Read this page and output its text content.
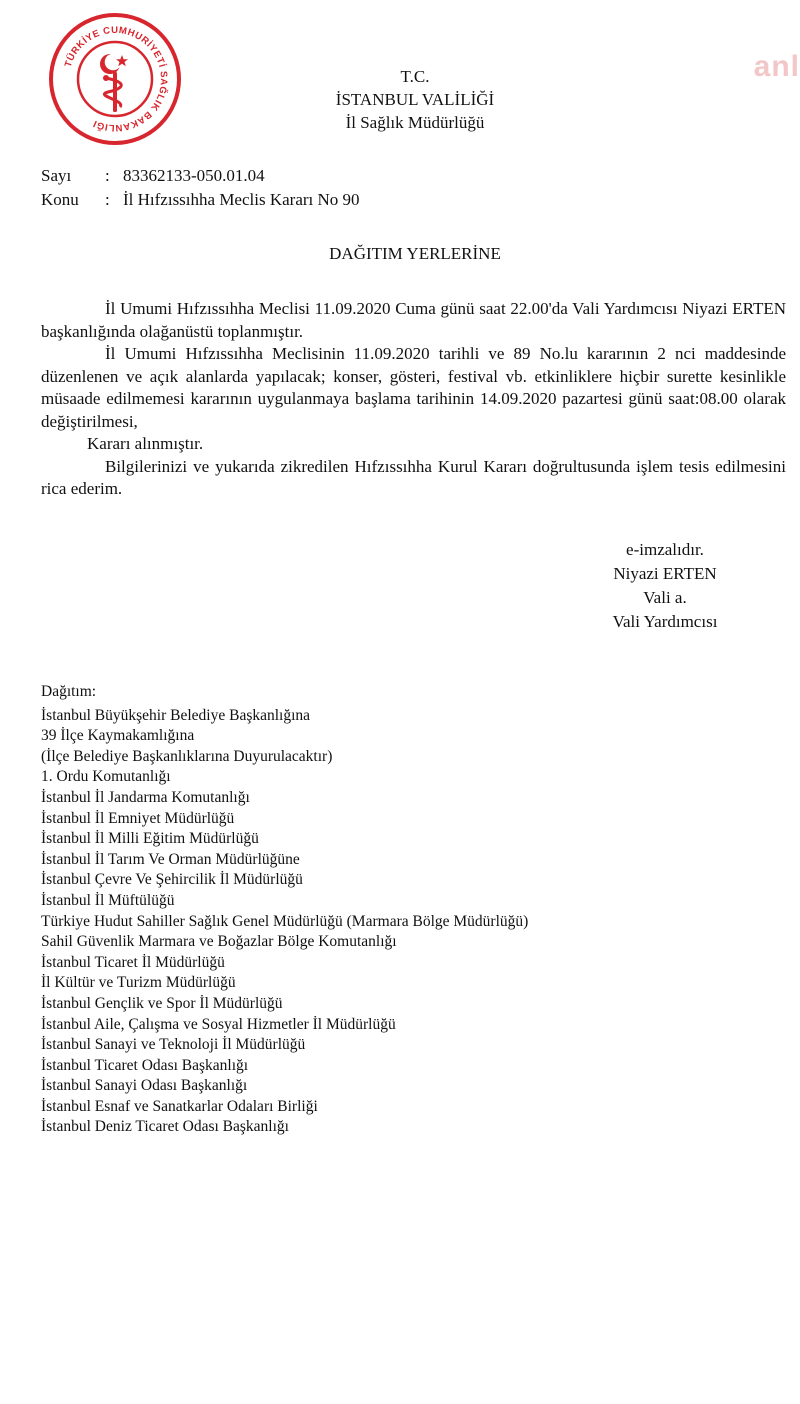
TÜRKİYE CUMHURİYETİ SAĞLIK BAKANLIĞI
anl
T.C.
İSTANBUL VALİLİĞİ
İl Sağlık Müdürlüğü
Sayı : 83362133-050.01.04
Konu : İl Hıfzıssıhha Meclis Kararı No 90
DAĞITIM YERLERİNE

İl Umumi Hıfzıssıhha Meclisi 11.09.2020 Cuma günü saat 22.00'da Vali Yardımcısı Niyazi ERTEN başkanlığında olağanüstü toplanmıştır.

İl Umumi Hıfzıssıhha Meclisinin 11.09.2020 tarihli ve 89 No.lu kararının 2 nci maddesinde düzenlenen ve açık alanlarda yapılacak; konser, gösteri, festival vb. etkinliklere hiçbir surette kesinlikle müsaade edilmemesi kararının uygulanmaya başlama tarihinin 14.09.2020 pazartesi günü saat:08.00 olarak değiştirilmesi,

Kararı alınmıştır.

Bilgilerinizi ve yukarıda zikredilen Hıfzıssıhha Kurul Kararı doğrultusunda işlem tesis edilmesini rica ederim.

e-imzalıdır.
Niyazi ERTEN
Vali a.
Vali Yardımcısı
Dağıtım:
İstanbul Büyükşehir Belediye Başkanlığına
39 İlçe Kaymakamlığına
(İlçe Belediye Başkanlıklarına Duyurulacaktır)
1. Ordu Komutanlığı
İstanbul İl Jandarma Komutanlığı
İstanbul İl Emniyet Müdürlüğü
İstanbul İl Milli Eğitim Müdürlüğü
İstanbul İl Tarım Ve Orman Müdürlüğüne
İstanbul Çevre Ve Şehircilik İl Müdürlüğü
İstanbul İl Müftülüğü
Türkiye Hudut Sahiller Sağlık Genel Müdürlüğü (Marmara Bölge Müdürlüğü)
Sahil Güvenlik Marmara ve Boğazlar Bölge Komutanlığı
İstanbul Ticaret İl Müdürlüğü
İl Kültür ve Turizm Müdürlüğü
İstanbul Gençlik ve Spor İl Müdürlüğü
İstanbul Aile, Çalışma ve Sosyal Hizmetler İl Müdürlüğü
İstanbul Sanayi ve Teknoloji İl Müdürlüğü
İstanbul Ticaret Odası Başkanlığı
İstanbul Sanayi Odası Başkanlığı
İstanbul Esnaf ve Sanatkarlar Odaları Birliği
İstanbul Deniz Ticaret Odası Başkanlığı
